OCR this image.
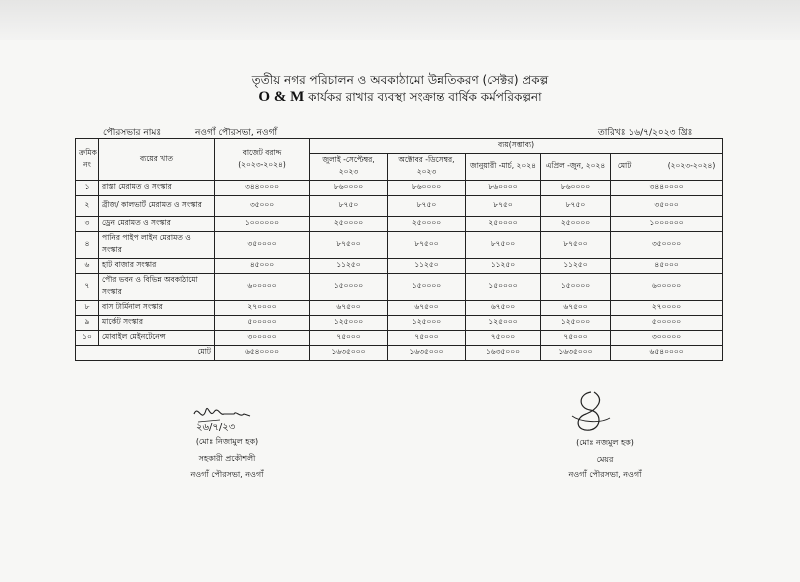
তৃতীয় নগর পরিচালন ও অবকাঠামো উন্নতিকরণ (সেক্টর) প্রকল্প
O & M কার্যকর রাখার ব্যবস্থা সংক্রান্ত বার্ষিক কর্মপরিকল্পনা
পৌরসভার নামঃ	নওগাঁ পৌরসভা, নওগাঁ	তারিখঃ ১৬/৭/২০২৩ খ্রিঃ
ক্রমিক নং	ব্যয়ের খাত	বাজেট বরাদ্দ (২০২৩-২০২৪)	ব্যয়(সম্ভাব্য)				
			জুলাই -সেপ্টেম্বর, ২০২৩	অক্টোবর -ডিসেম্বর, ২০২৩	জানুয়ারী -মার্চ, ২০২৪	এপ্রিল -জুন, ২০২৪	মোট (২০২৩-২০২৪)
১	রাস্তা মেরামত ও সংস্কার	৩৪৪০০০০	৮৬০০০০	৮৬০০০০	৮৬০০০০	৮৬০০০০	৩৪৪০০০০
২	ব্রীজ/ কালভার্ট মেরামত ও সংস্কার	৩৫০০০	৮৭৫০	৮৭৫০	৮৭৫০	৮৭৫০	৩৫০০০
৩	ড্রেন মেরামত ও সংস্কার	১০০০০০০	২৫০০০০	২৫০০০০	২৫০০০০	২৫০০০০	১০০০০০০
৪	পানির পাইপ লাইন মেরামত ও সংস্কার	৩৫০০০০	৮৭৫০০	৮৭৫০০	৮৭৫০০	৮৭৫০০	৩৫০০০০
৬	হাট বাজার সংস্কার	৪৫০০০	১১২৫০	১১২৫০	১১২৫০	১১২৫০	৪৫০০০
৭	পৌর ভবন ও বিভিন্ন অবকাঠামো সংস্কার	৬০০০০০	১৫০০০০	১৫০০০০	১৫০০০০	১৫০০০০	৬০০০০০
৮	বাস টার্মিনাল সংস্কার	২৭০০০০	৬৭৫০০	৬৭৫০০	৬৭৫০০	৬৭৫০০	২৭০০০০
৯	মার্কেট সংস্কার	৫০০০০০	১২৫০০০	১২৫০০০	১২৫০০০	১২৫০০০	৫০০০০০
১০	মোবাইল মেইনটেনেন্স	৩০০০০০	৭৫০০০	৭৫০০০	৭৫০০০	৭৫০০০	৩০০০০০
মোট		৬৫৪০০০০	১৬৩৫০০০	১৬৩৫০০০	১৬৩৫০০০	১৬৩৫০০০	৬৫৪০০০০
২৬/৭/২৩
(মোঃ নিজামুল হক)
সহকারী প্রকৌশলী
নওগাঁ পৌরসভা, নওগাঁ
(মোঃ নজমুল হক)
মেয়র
নওগাঁ পৌরসভা, নওগাঁ
